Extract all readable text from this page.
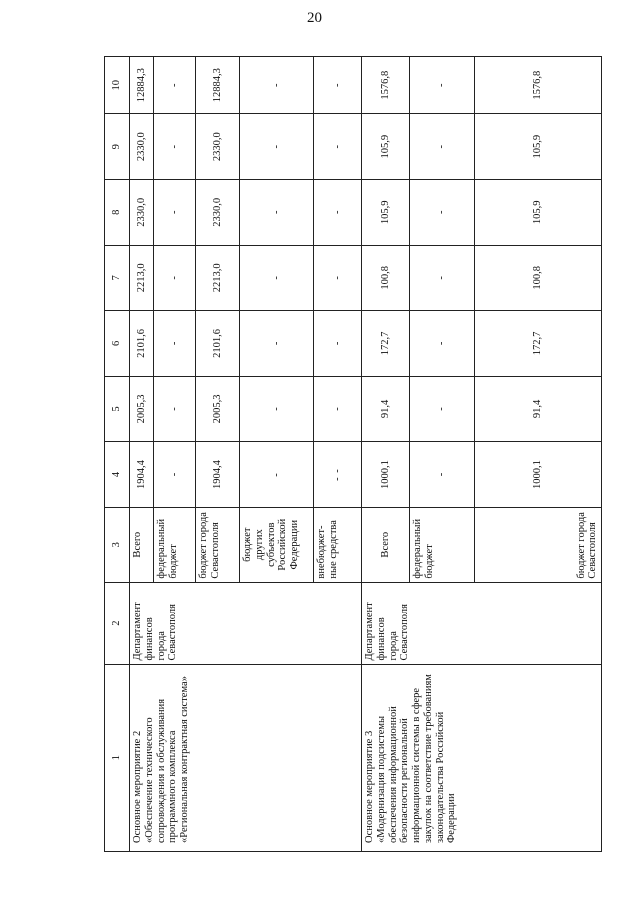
20
1	2	3	4	5	6	7	8	9	10
Основное мероприятие 2 «Обеспечение технического сопровождения и обслуживания программного комплекса «Региональная контрактная система»	Департамент финансов города Севастополя	Всего	1904,4	2005,3	2101,6	2213,0	2330,0	2330,0	12884,3
		федеральный бюджет	-	-	-	-	-	-	-
		бюджет города Севастополя	1904,4	2005,3	2101,6	2213,0	2330,0	2330,0	12884,3
		бюджет других субъектов Российской Федерации	-	-	-	-	-	-	-
		внебюджет-ные средства	- -	-	-	-	-	-	-
Основное мероприятие 3 «Модернизация подсистемы обеспечения информационной безопасности региональной информационной системы в сфере закупок на соответствие требованиям законодательства Российской Федерации	Департамент финансов города Севастополя	Всего	1000,1	91,4	172,7	100,8	105,9	105,9	1576,8
		федеральный бюджет	-	-	-	-	-	-	-
		бюджет города Севастополя	1000,1	91,4	172,7	100,8	105,9	105,9	1576,8
